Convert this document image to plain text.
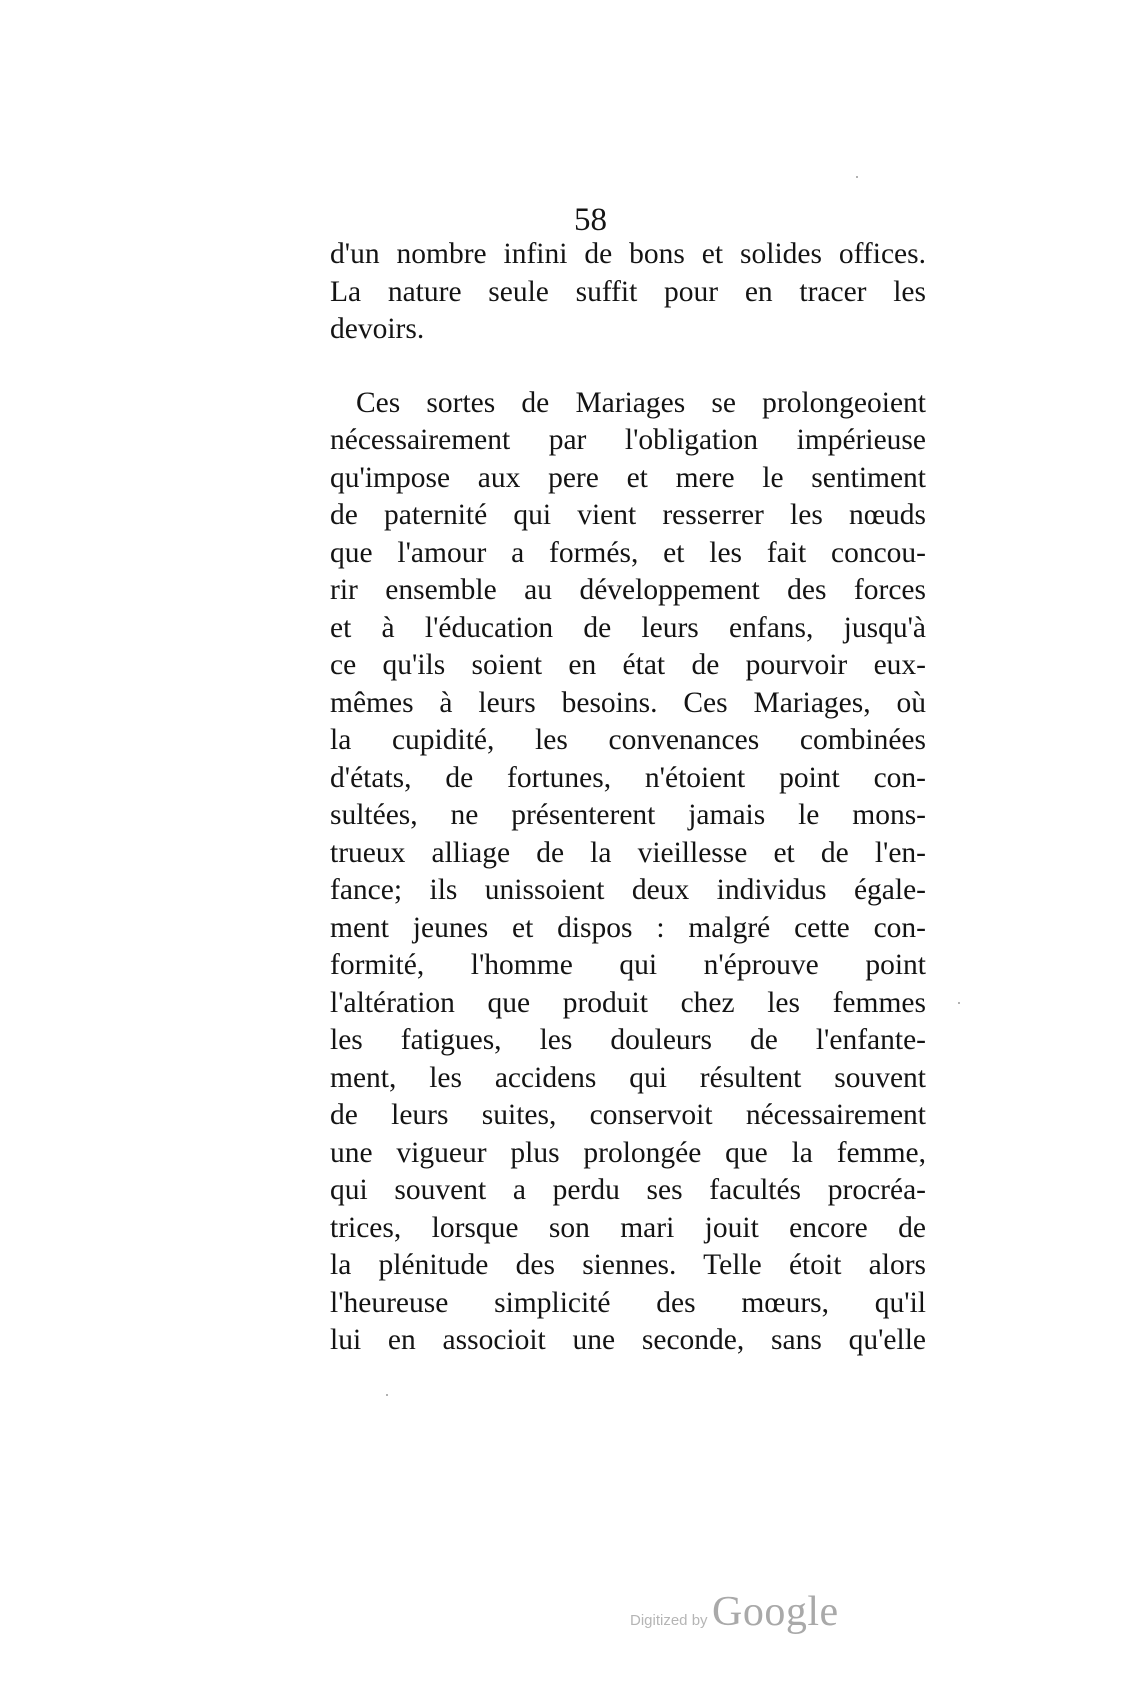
58
d'un nombre infini de bons et solides offices.
La nature seule suffit pour en tracer les
devoirs.
Ces sortes de Mariages se prolongeoient
nécessairement par l'obligation impérieuse
qu'impose aux pere et mere le sentiment
de paternité qui vient resserrer les nœuds
que l'amour a formés, et les fait concou-
rir ensemble au développement des forces
et à l'éducation de leurs enfans, jusqu'à
ce qu'ils soient en état de pourvoir eux-
mêmes à leurs besoins. Ces Mariages, où
la cupidité, les convenances combinées
d'états, de fortunes, n'étoient point con-
sultées, ne présenterent jamais le mons-
trueux alliage de la vieillesse et de l'en-
fance; ils unissoient deux individus égale-
ment jeunes et dispos : malgré cette con-
formité, l'homme qui n'éprouve point
l'altération que produit chez les femmes
les fatigues, les douleurs de l'enfante-
ment, les accidens qui résultent souvent
de leurs suites, conservoit nécessairement
une vigueur plus prolongée que la femme,
qui souvent a perdu ses facultés procréa-
trices, lorsque son mari jouit encore de
la plénitude des siennes. Telle étoit alors
l'heureuse simplicité des mœurs, qu'il
lui en associoit une seconde, sans qu'elle
Digitized by Google
